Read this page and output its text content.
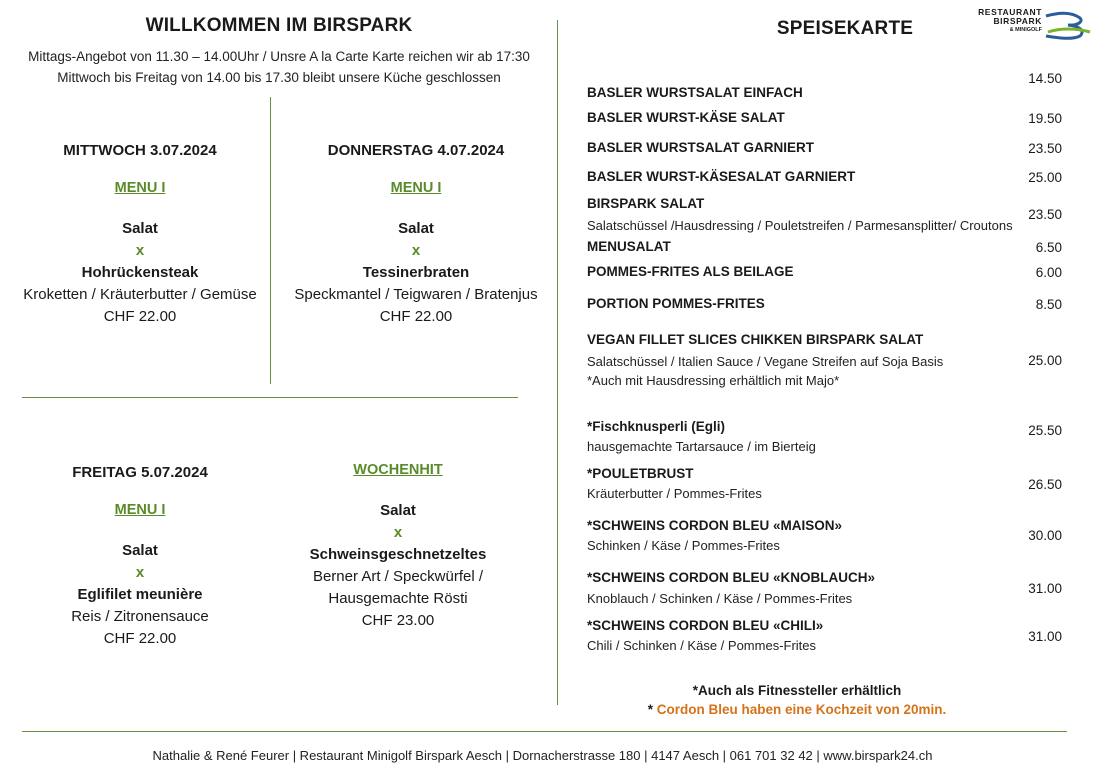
WILLKOMMEN IM BIRSPARK
Mittags-Angebot von 11.30 – 14.00Uhr / Unsre A la Carte Karte reichen wir ab 17:30
Mittwoch bis Freitag von 14.00 bis 17.30 bleibt unsere Küche geschlossen
MITTWOCH 3.07.2024
MENU I
Salat
x
Hohrückensteak
Kroketten / Kräuterbutter / Gemüse
CHF 22.00
DONNERSTAG 4.07.2024
MENU I
Salat
x
Tessinerbraten
Speckmantel / Teigwaren / Bratenjus
CHF 22.00
FREITAG 5.07.2024
MENU I
Salat
x
Eglifilet meunière
Reis / Zitronensauce
CHF 22.00
WOCHENHIT
Salat
x
Schweinsgeschnetzeltes
Berner Art / Speckwürfel /
Hausgemachte Rösti
CHF 23.00
SPEISEKARTE
RESTAURANT
BIRSPARK
& MINIGOLF
BASLER WURSTSALAT EINFACH
BASLER WURST-KÄSE SALAT
BASLER WURSTSALAT GARNIERT
BASLER WURST-KÄSESALAT GARNIERT
BIRSPARK SALAT
Salatschüssel /Hausdressing / Pouletstreifen / Parmesansplitter/ Croutons
MENUSALAT
POMMES-FRITES ALS BEILAGE
PORTION POMMES-FRITES
VEGAN FILLET SLICES CHIKKEN BIRSPARK SALAT
Salatschüssel / Italien Sauce / Vegane Streifen auf Soja Basis
*Auch mit Hausdressing erhältlich mit Majo*
*Fischknusperli (Egli)
hausgemachte Tartarsauce / im Bierteig
*POULETBRUST
Kräuterbutter / Pommes-Frites
*SCHWEINS CORDON BLEU «MAISON»
Schinken / Käse / Pommes-Frites
*SCHWEINS CORDON BLEU «KNOBLAUCH»
Knoblauch / Schinken / Käse / Pommes-Frites
*SCHWEINS CORDON BLEU «CHILI»
Chili / Schinken / Käse / Pommes-Frites
14.50
19.50
23.50
25.00
23.50
6.50
6.00
8.50
25.00
25.50
26.50
30.00
31.00
31.00
*Auch als Fitnessteller erhältlich
* Cordon Bleu haben eine Kochzeit von 20min.
Nathalie & René Feurer | Restaurant Minigolf Birspark Aesch | Dornacherstrasse 180 | 4147 Aesch | 061 701 32 42 | www.birspark24.ch
